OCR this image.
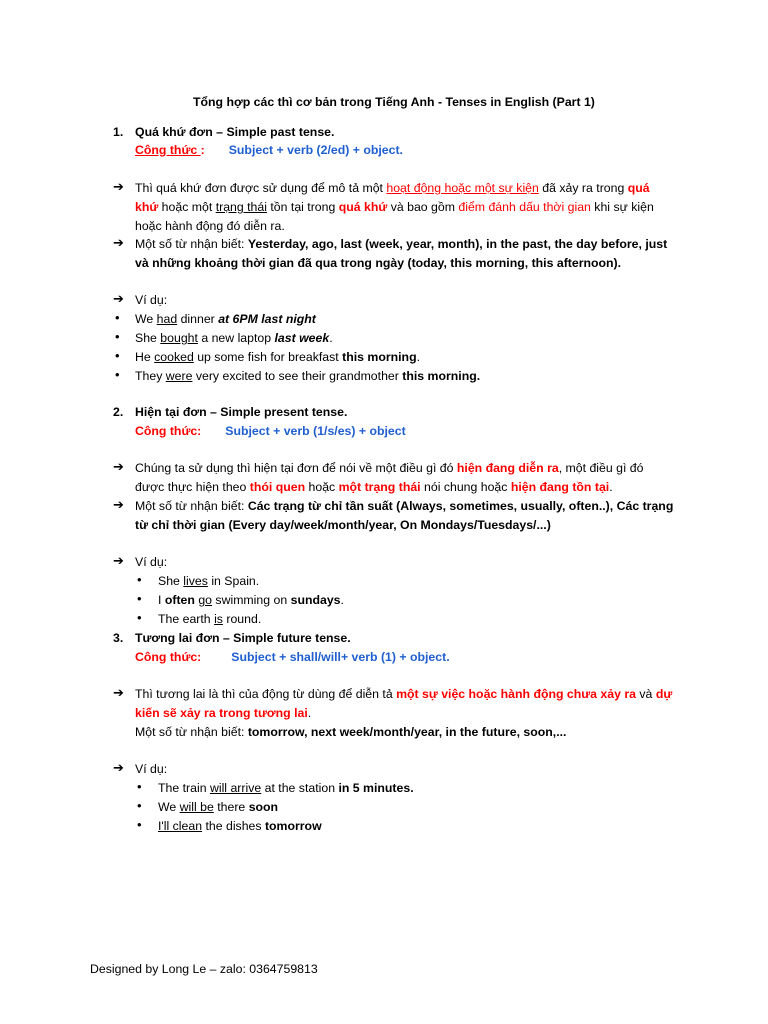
Tổng hợp các thì cơ bản trong Tiếng Anh - Tenses in English (Part 1)
1. Quá khứ đơn – Simple past tense.
Công thức : Subject + verb (2/ed) + object.
➔ Thì quá khứ đơn được sử dụng để mô tả một hoạt động hoặc một sự kiện đã xảy ra trong quá
khứ hoặc một trạng thái tồn tại trong quá khứ và bao gồm điểm đánh dấu thời gian khi sự kiện
hoặc hành động đó diễn ra.
➔ Một số từ nhận biết: Yesterday, ago, last (week, year, month), in the past, the day before, just
và những khoảng thời gian đã qua trong ngày (today, this morning, this afternoon).
➔ Ví dụ:
• We had dinner at 6PM last night
• She bought a new laptop last week.
• He cooked up some fish for breakfast this morning.
• They were very excited to see their grandmother this morning.
2. Hiện tại đơn – Simple present tense.
Công thức: Subject + verb (1/s/es) + object
➔ Chúng ta sử dụng thì hiện tại đơn để nói về một điều gì đó hiện đang diễn ra, một điều gì đó
được thực hiện theo thói quen hoặc một trạng thái nói chung hoặc hiện đang tồn tại.
➔ Một số từ nhận biết: Các trạng từ chỉ tần suất (Always, sometimes, usually, often..), Các trạng
từ chỉ thời gian (Every day/week/month/year, On Mondays/Tuesdays/...)
➔ Ví dụ:
• She lives in Spain.
• I often go swimming on sundays.
• The earth is round.
3. Tương lai đơn – Simple future tense.
Công thức: Subject + shall/will+ verb (1) + object.
➔ Thì tương lai là thì của động từ dùng để diễn tả một sự việc hoặc hành động chưa xảy ra và dự
kiến sẽ xảy ra trong tương lai.
Một số từ nhận biết: tomorrow, next week/month/year, in the future, soon,...
➔ Ví dụ:
• The train will arrive at the station in 5 minutes.
• We will be there soon
• I'll clean the dishes tomorrow
Designed by Long Le – zalo: 0364759813
